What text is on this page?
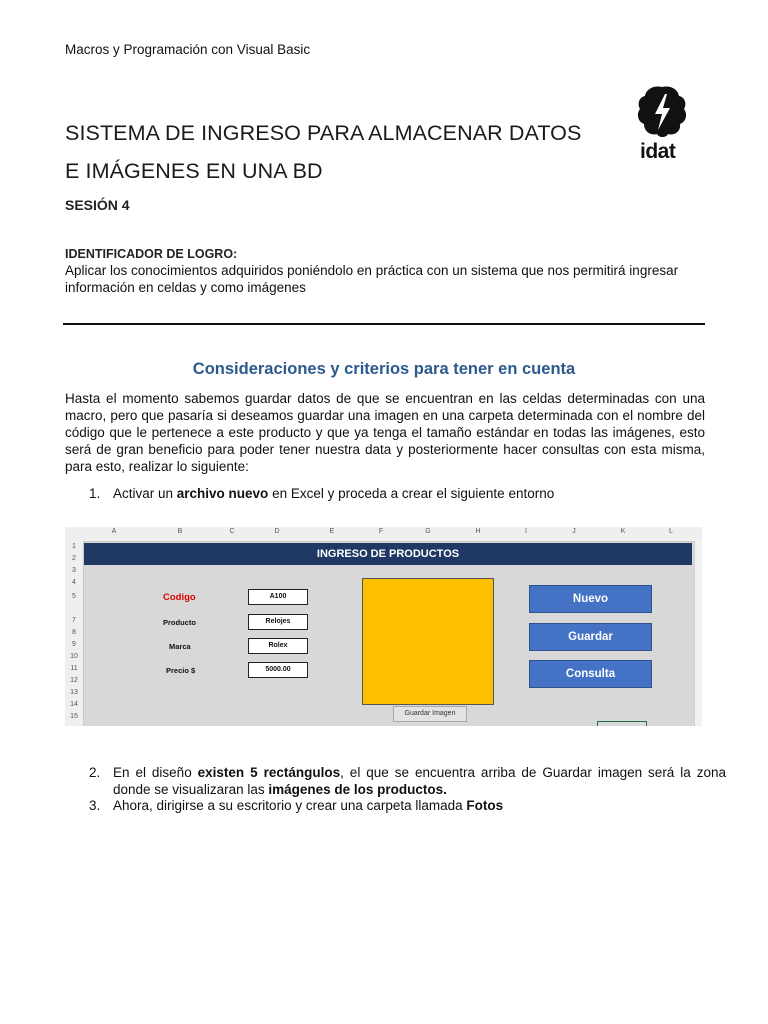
Macros y Programación con Visual Basic
SISTEMA DE INGRESO PARA ALMACENAR DATOS
E IMÁGENES EN UNA BD
SESIÓN 4
idat
IDENTIFICADOR DE LOGRO:
Aplicar los conocimientos adquiridos poniéndolo en práctica con un sistema que nos permitirá ingresar información en celdas y como imágenes
Consideraciones y criterios para tener en cuenta
Hasta el momento sabemos guardar datos de que se encuentran en las celdas determinadas con una macro, pero que pasaría si deseamos guardar una imagen en una carpeta determinada con el nombre del código que le pertenece a este producto y que ya tenga el tamaño estándar en todas las imágenes, esto será de gran beneficio para poder tener nuestra data y posteriormente hacer consultas con esta misma, para esto, realizar lo siguiente:
1. Activar un archivo nuevo en Excel y proceda a crear el siguiente entorno
A	B	C	D	E	F	G	H	I	J	K	L
1
2
3
4
5
7
8
9
10
11
12
13
14
15
INGRESO DE PRODUCTOS
Codigo	A100
Producto	Relojes
Marca	Rolex
Precio $	5000.00
Guardar Imagen
Nuevo
Guardar
Consulta
2. En el diseño existen 5 rectángulos, el que se encuentra arriba de Guardar imagen será la zona donde se visualizaran las imágenes de los productos.
3. Ahora, dirigirse a su escritorio y crear una carpeta llamada Fotos
